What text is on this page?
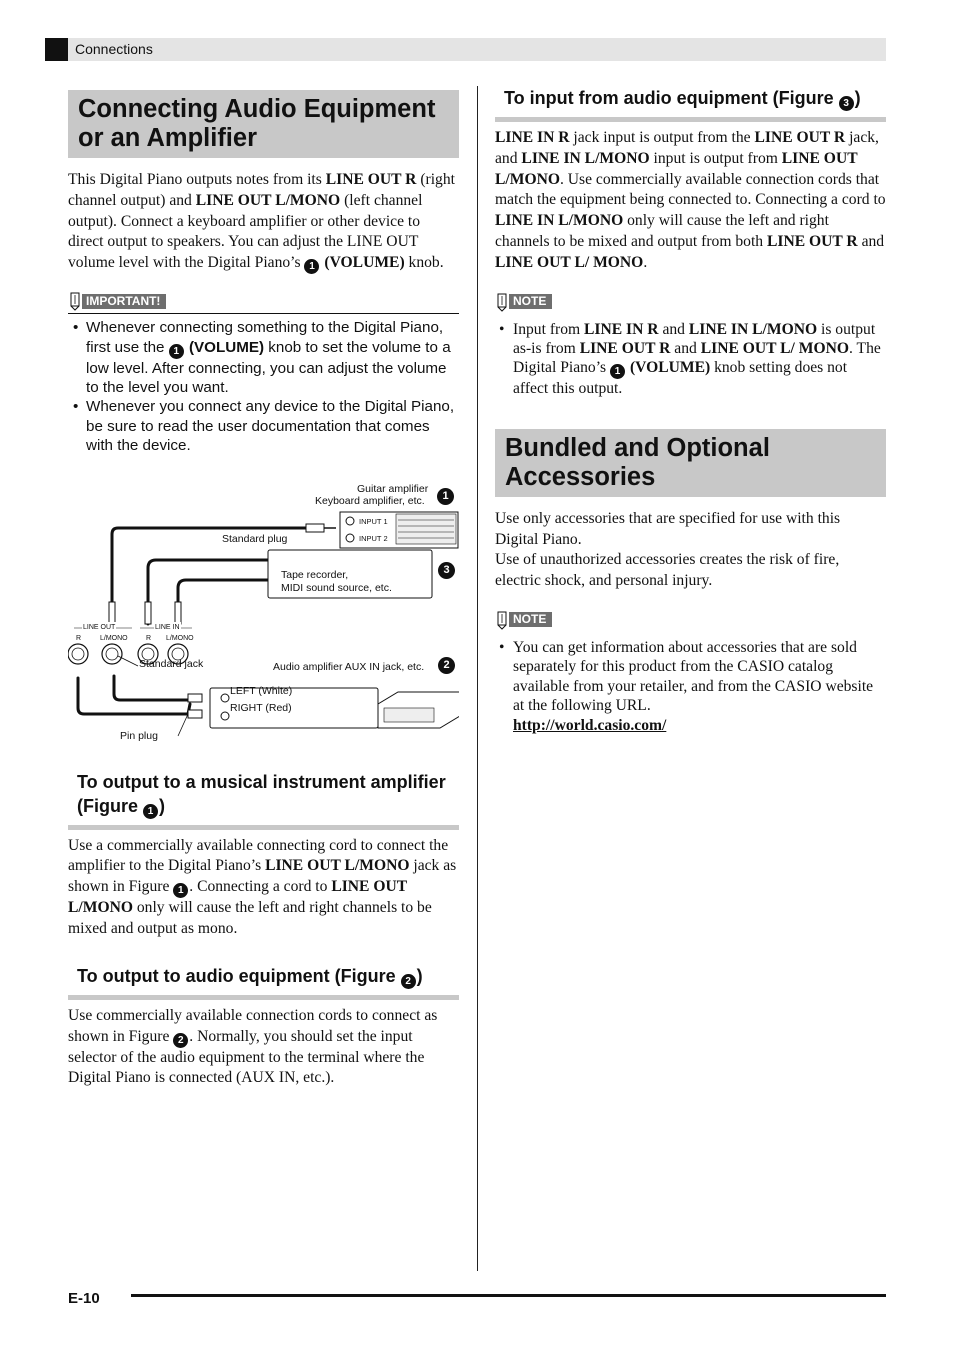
Connections
Connecting Audio Equipment or an Amplifier

This Digital Piano outputs notes from its LINE OUT R (right channel output) and LINE OUT L/MONO (left channel output). Connect a keyboard amplifier or other device to direct output to speakers. You can adjust the LINE OUT volume level with the Digital Piano’s 1 (VOLUME) knob.

IMPORTANT!
• Whenever connecting something to the Digital Piano, first use the 1 (VOLUME) knob to set the volume to a low level. After connecting, you can adjust the volume to the level you want.
• Whenever you connect any device to the Digital Piano, be sure to read the user documentation that comes with the device.
Guitar amplifier
Keyboard amplifier, etc.	1
INPUT 1
INPUT 2
Standard plug
3
Tape recorder,
MIDI sound source, etc.
LINE OUT	LINE IN
R	L/MONO	R L/MONO
Standard jack	Audio amplifier AUX IN jack, etc.	2
LEFT (White)
RIGHT (Red)
Pin plug
To output to a musical instrument amplifier (Figure 1 )

Use a commercially available connecting cord to connect the amplifier to the Digital Piano’s LINE OUT L/MONO jack as shown in Figure 1 . Connecting a cord to LINE OUT L/MONO only will cause the left and right channels to be mixed and output as mono.

To output to audio equipment (Figure 2 )

Use commercially available connection cords to connect as shown in Figure 2 . Normally, you should set the input selector of the audio equipment to the terminal where the Digital Piano is connected (AUX IN, etc.).

To input from audio equipment (Figure 3 )

LINE IN R jack input is output from the LINE OUT R jack, and LINE IN L/MONO input is output from LINE OUT L/MONO. Use commercially available connection cords that match the equipment being connected to. Connecting a cord to LINE IN L/MONO only will cause the left and right channels to be mixed and output from both LINE OUT R and LINE OUT L/ MONO.

NOTE
• Input from LINE IN R and LINE IN L/MONO is output as-is from LINE OUT R and LINE OUT L/ MONO. The Digital Piano’s 1 (VOLUME) knob setting does not affect this output.
Bundled and Optional Accessories

Use only accessories that are specified for use with this Digital Piano.

Use of unauthorized accessories creates the risk of fire, electric shock, and personal injury.

NOTE
• You can get information about accessories that are sold separately for this product from the CASIO catalog available from your retailer, and from the CASIO website at the following URL.
http://world.casio.com/
E-10
